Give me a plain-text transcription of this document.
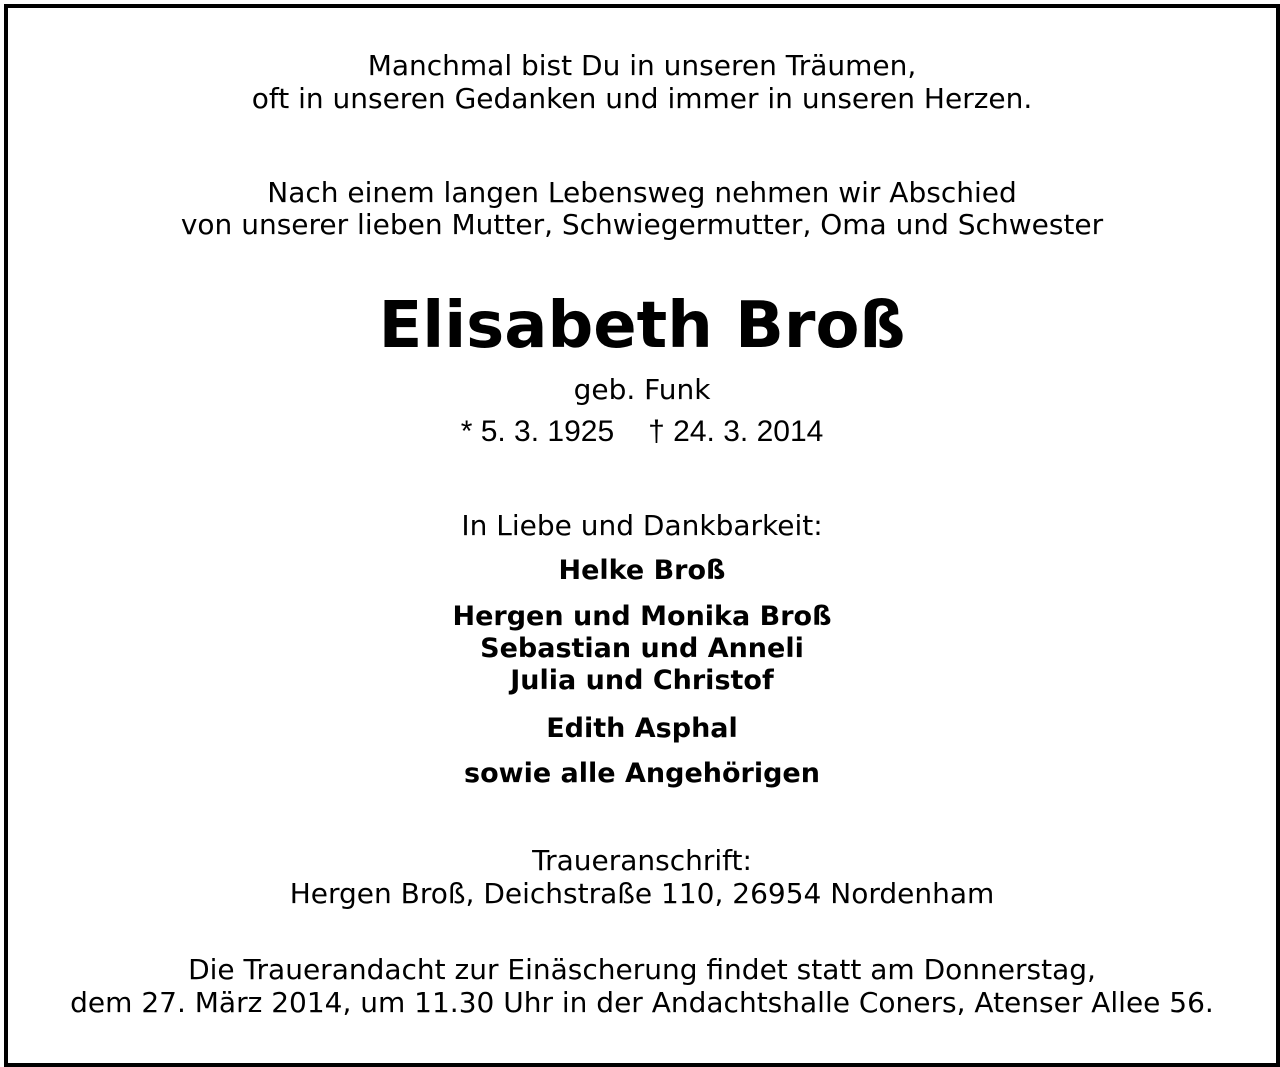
Manchmal bist Du in unseren Träumen,
oft in unseren Gedanken und immer in unseren Herzen.
Nach einem langen Lebensweg nehmen wir Abschied
von unserer lieben Mutter, Schwiegermutter, Oma und Schwester
Elisabeth Broß
geb. Funk
* 5. 3. 1925 † 24. 3. 2014
In Liebe und Dankbarkeit:
Helke Broß
Hergen und Monika Broß
Sebastian und Anneli
Julia und Christof
Edith Asphal
sowie alle Angehörigen
Traueranschrift:
Hergen Broß, Deichstraße 110, 26954 Nordenham
Die Trauerandacht zur Einäscherung findet statt am Donnerstag,
dem 27. März 2014, um 11.30 Uhr in der Andachtshalle Coners, Atenser Allee 56.
